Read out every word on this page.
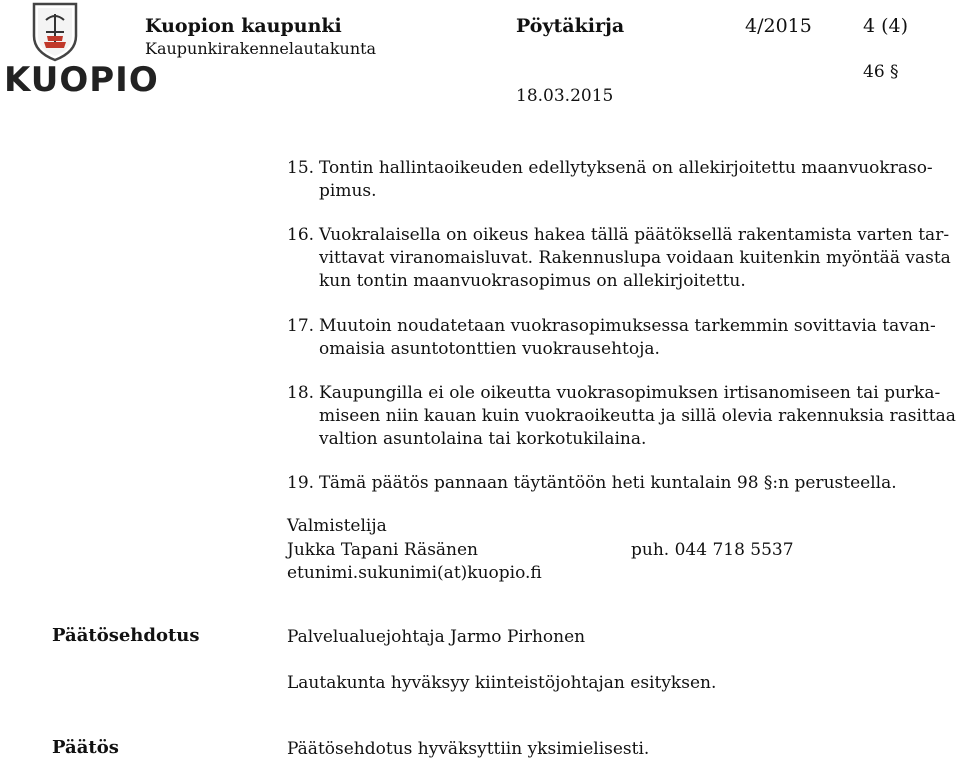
KUOPIO
Kuopion kaupunki
Kaupunkirakennelautakunta
Pöytäkirja	4/2015	4 (4)
46 §
18.03.2015
15. Tontin hallintaoikeuden edellytyksenä on allekirjoitettu maanvuokraso-
pimus.
16. Vuokralaisella on oikeus hakea tällä päätöksellä rakentamista varten tar-
vittavat viranomaisluvat. Rakennuslupa voidaan kuitenkin myöntää vasta
kun tontin maanvuokrasopimus on allekirjoitettu.
17. Muutoin noudatetaan vuokrasopimuksessa tarkemmin sovittavia tavan-
omaisia asuntotonttien vuokrausehtoja.
18. Kaupungilla ei ole oikeutta vuokrasopimuksen irtisanomiseen tai purka-
miseen niin kauan kuin vuokraoikeutta ja sillä olevia rakennuksia rasittaa
valtion asuntolaina tai korkotukilaina.
19. Tämä päätös pannaan täytäntöön heti kuntalain 98 §:n perusteella.
Valmistelija
Jukka Tapani Räsänen	puh. 044 718 5537
etunimi.sukunimi(at)kuopio.fi
Päätösehdotus	Palvelualuejohtaja Jarmo Pirhonen
Lautakunta hyväksyy kiinteistöjohtajan esityksen.
Päätös	Päätösehdotus hyväksyttiin yksimielisesti.
